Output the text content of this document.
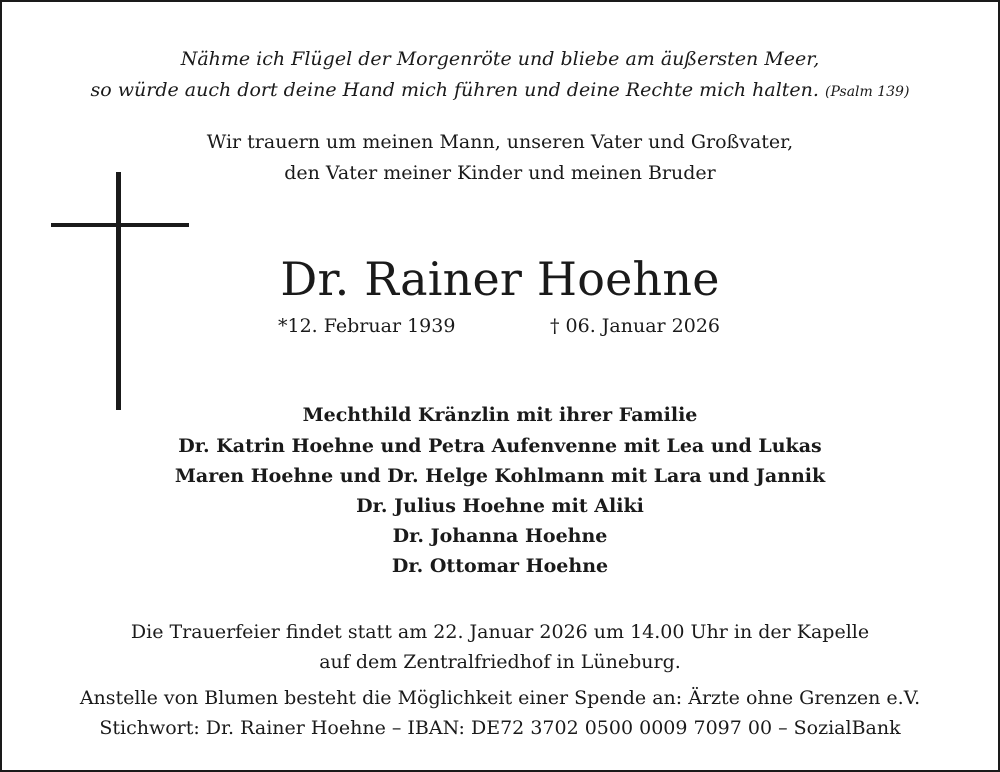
Nähme ich Flügel der Morgenröte und bliebe am äußersten Meer,
so würde auch dort deine Hand mich führen und deine Rechte mich halten. (Psalm 139)
Wir trauern um meinen Mann, unseren Vater und Großvater,
den Vater meiner Kinder und meinen Bruder
Dr. Rainer Hoehne
*12. Februar 1939	† 06. Januar 2026
Mechthild Kränzlin mit ihrer Familie
Dr. Katrin Hoehne und Petra Aufenvenne mit Lea und Lukas
Maren Hoehne und Dr. Helge Kohlmann mit Lara und Jannik
Dr. Julius Hoehne mit Aliki
Dr. Johanna Hoehne
Dr. Ottomar Hoehne
Die Trauerfeier findet statt am 22. Januar 2026 um 14.00 Uhr in der Kapelle
auf dem Zentralfriedhof in Lüneburg.
Anstelle von Blumen besteht die Möglichkeit einer Spende an: Ärzte ohne Grenzen e.V.
Stichwort: Dr. Rainer Hoehne – IBAN: DE72 3702 0500 0009 7097 00 – SozialBank
